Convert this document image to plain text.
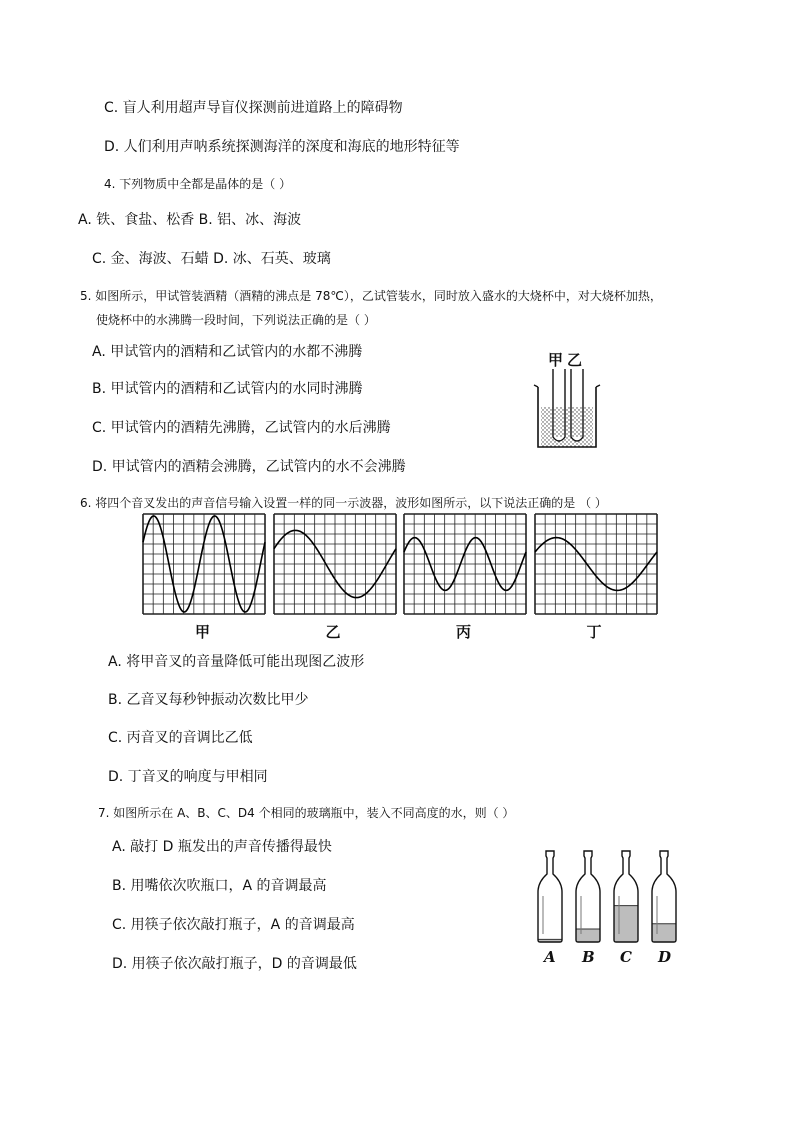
C. 盲人利用超声导盲仪探测前进道路上的障碍物
D. 人们利用声呐系统探测海洋的深度和海底的地形特征等
4. 下列物质中全都是晶体的是（ ）
A. 铁、食盐、松香 B. 铝、冰、海波
C. 金、海波、石蜡 D. 冰、石英、玻璃
5. 如图所示，甲试管装酒精（酒精的沸点是 78℃），乙试管装水，同时放入盛水的大烧杯中，对大烧杯加热，
使烧杯中的水沸腾一段时间，下列说法正确的是（ ）
A. 甲试管内的酒精和乙试管内的水都不沸腾
B. 甲试管内的酒精和乙试管内的水同时沸腾
C. 甲试管内的酒精先沸腾，乙试管内的水后沸腾
D. 甲试管内的酒精会沸腾，乙试管内的水不会沸腾
甲 乙
6. 将四个音叉发出的声音信号输入设置一样的同一示波器，波形如图所示，以下说法正确的是 （ ）
甲	乙	丙	丁
A. 将甲音叉的音量降低可能出现图乙波形
B. 乙音叉每秒钟振动次数比甲少
C. 丙音叉的音调比乙低
D. 丁音叉的响度与甲相同
7. 如图所示在 A、B、C、D4 个相同的玻璃瓶中，装入不同高度的水，则（ ）
A. 敲打 D 瓶发出的声音传播得最快
B. 用嘴依次吹瓶口，A 的音调最高
C. 用筷子依次敲打瓶子，A 的音调最高
D. 用筷子依次敲打瓶子，D 的音调最低	A B C D
